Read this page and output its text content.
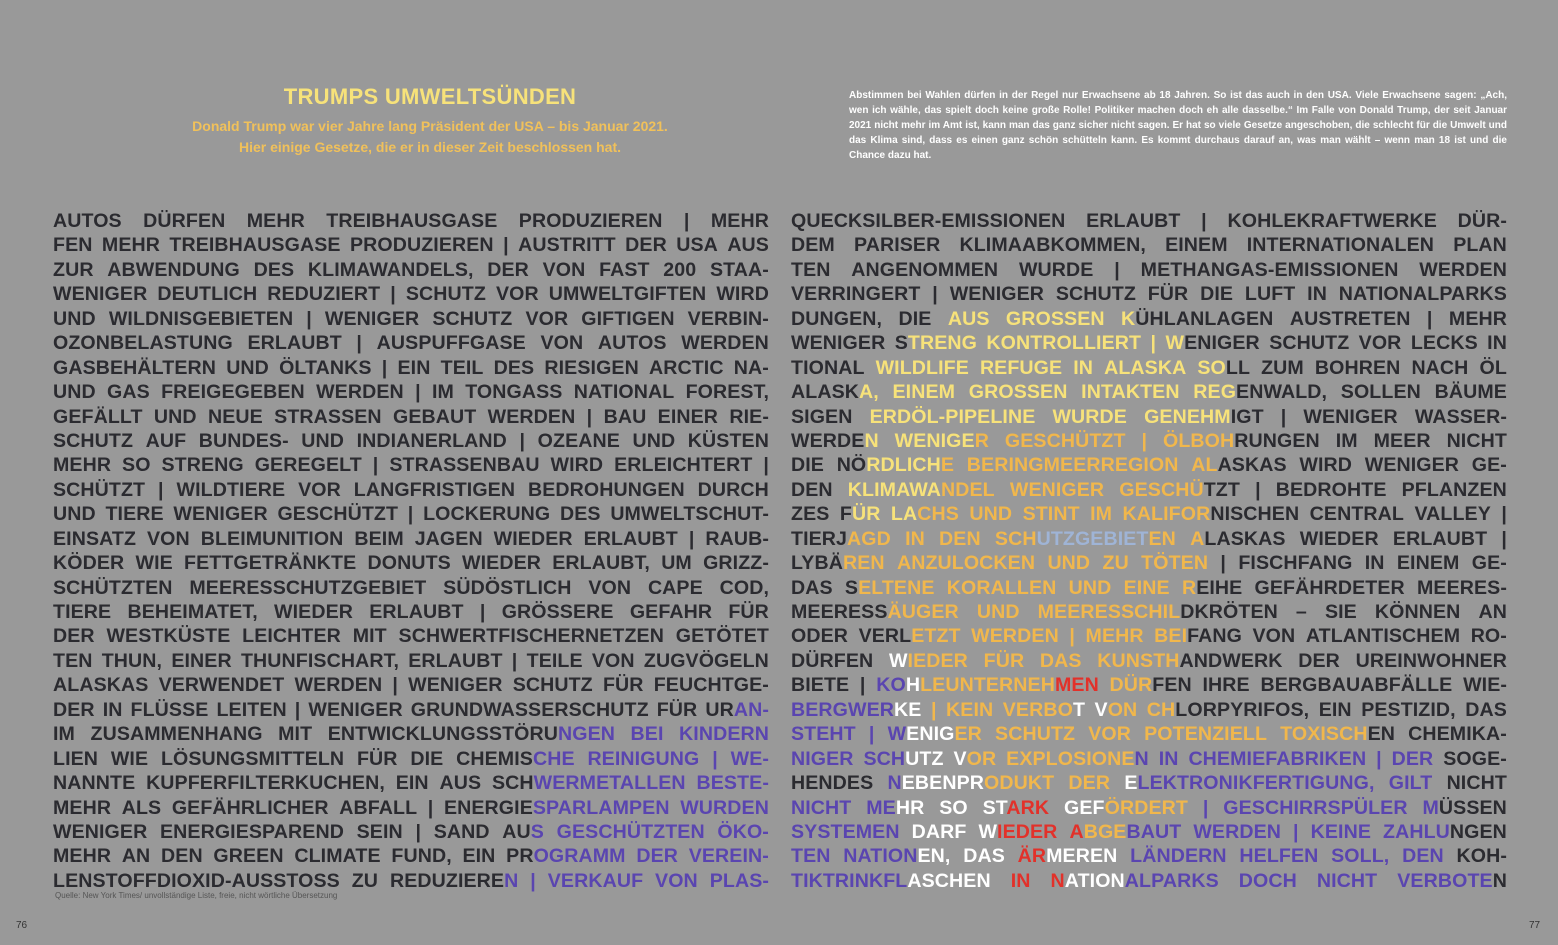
TRUMPS UMWELTSÜNDEN
Donald Trump war vier Jahre lang Präsident der USA – bis Januar 2021.
Hier einige Gesetze, die er in dieser Zeit beschlossen hat.
AUTOS DÜRFEN MEHR TREIBHAUSGASE PRODUZIEREN | MEHR
FEN MEHR TREIBHAUSGASE PRODUZIEREN | AUSTRITT DER USA AUS
ZUR ABWENDUNG DES KLIMAWANDELS, DER VON FAST 200 STAA-
WENIGER DEUTLICH REDUZIERT | SCHUTZ VOR UMWELTGIFTEN WIRD
UND WILDNISGEBIETEN | WENIGER SCHUTZ VOR GIFTIGEN VERBIN-
OZONBELASTUNG ERLAUBT | AUSPUFFGASE VON AUTOS WERDEN
GASBEHÄLTERN UND ÖLTANKS | EIN TEIL DES RIESIGEN ARCTIC NA-
UND GAS FREIGEGEBEN WERDEN | IM TONGASS NATIONAL FOREST,
GEFÄLLT UND NEUE STRASSEN GEBAUT WERDEN | BAU EINER RIE-
SCHUTZ AUF BUNDES- UND INDIANERLAND | OZEANE UND KÜSTEN
MEHR SO STRENG GEREGELT | STRASSENBAU WIRD ERLEICHTERT |
SCHÜTZT | WILDTIERE VOR LANGFRISTIGEN BEDROHUNGEN DURCH
UND TIERE WENIGER GESCHÜTZT | LOCKERUNG DES UMWELTSCHUT-
EINSATZ VON BLEIMUNITION BEIM JAGEN WIEDER ERLAUBT | RAUB-
KÖDER WIE FETTGETRÄNKTE DONUTS WIEDER ERLAUBT, UM GRIZZ-
SCHÜTZTEN MEERESSCHUTZGEBIET SÜDÖSTLICH VON CAPE COD,
TIERE BEHEIMATET, WIEDER ERLAUBT | GRÖSSERE GEFAHR FÜR
DER WESTKÜSTE LEICHTER MIT SCHWERTFISCHERNETZEN GETÖTET
TEN THUN, EINER THUNFISCHART, ERLAUBT | TEILE VON ZUGVÖGELN
ALASKAS VERWENDET WERDEN | WENIGER SCHUTZ FÜR FEUCHTGE-
DER IN FLÜSSE LEITEN | WENIGER GRUNDWASSERSCHUTZ FÜR URAN-
IM ZUSAMMENHANG MIT ENTWICKLUNGSSTÖRUNGEN BEI KINDERN
LIEN WIE LÖSUNGSMITTELN FÜR DIE CHEMISCHE REINIGUNG | WE-
NANNTE KUPFERFILTERKUCHEN, EIN AUS SCHWERMETALLEN BESTE-
MEHR ALS GEFÄHRLICHER ABFALL | ENERGIESPARLAMPEN WURDEN
WENIGER ENERGIESPAREND SEIN | SAND AUS GESCHÜTZTEN ÖKO-
MEHR AN DEN GREEN CLIMATE FUND, EIN PROGRAMM DER VEREIN-
LENSTOFFDIOXID-AUSSTOSS ZU REDUZIEREN | VERKAUF VON PLAS-

Quelle: New York Times/ unvollständige Liste, freie, nicht wörtliche Übersetzung

76

Abstimmen bei Wahlen dürfen in der Regel nur Erwachsene ab 18 Jahren. So ist das auch in den USA. Viele Erwachsene sagen: „Ach, wen ich wähle, das spielt doch keine große Rolle! Politiker machen doch eh alle dasselbe.“ Im Falle von Donald Trump, der seit Januar 2021 nicht mehr im Amt ist, kann man das ganz sicher nicht sagen. Er hat so viele Gesetze angeschoben, die schlecht für die Umwelt und das Klima sind, dass es einen ganz schön schütteln kann. Es kommt durchaus darauf an, was man wählt – wenn man 18 ist und die Chance dazu hat.

QUECKSILBER-EMISSIONEN ERLAUBT | KOHLEKRAFTWERKE DÜR-
DEM PARISER KLIMAABKOMMEN, EINEM INTERNATIONALEN PLAN
TEN ANGENOMMEN WURDE | METHANGAS-EMISSIONEN WERDEN
VERRINGERT | WENIGER SCHUTZ FÜR DIE LUFT IN NATIONALPARKS
DUNGEN, DIE AUS GROSSEN KÜHLANLAGEN AUSTRETEN | MEHR
WENIGER STRENG KONTROLLIERT | WENIGER SCHUTZ VOR LECKS IN
TIONAL WILDLIFE REFUGE IN ALASKA SOLL ZUM BOHREN NACH ÖL
ALASKA, EINEM GROSSEN INTAKTEN REGENWALD, SOLLEN BÄUME
SIGEN ERDÖL-PIPELINE WURDE GENEHMIGT | WENIGER WASSER-
WERDEN WENIGER GESCHÜTZT | ÖLBOHRUNGEN IM MEER NICHT
DIE NÖRDLICHE BERINGMEERREGION ALASKAS WIRD WENIGER GE-
DEN KLIMAWANDEL WENIGER GESCHÜTZT | BEDROHTE PFLANZEN
ZES FÜR LACHS UND STINT IM KALIFORNISCHEN CENTRAL VALLEY |
TIERJAGD IN DEN SCHUTZGEBIETEN ALASKAS WIEDER ERLAUBT |
LYBÄREN ANZULOCKEN UND ZU TÖTEN | FISCHFANG IN EINEM GE-
DAS SELTENE KORALLEN UND EINE REIHE GEFÄHRDETER MEERES-
MEERESSÄUGER UND MEERESSCHILDKRÖTEN – SIE KÖNNEN AN
ODER VERLETZT WERDEN | MEHR BEIFANG VON ATLANTISCHEM RO-
DÜRFEN WIEDER FÜR DAS KUNSTHANDWERK DER UREINWOHNER
BIETE | KOHLEUNTERNEHMEN DÜRFEN IHRE BERGBAUABFÄLLE WIE-
BERGWERKE | KEIN VERBOT VON CHLORPYRIFOS, EIN PESTIZID, DAS
STEHT | WENIGER SCHUTZ VOR POTENZIELL TOXISCHEN CHEMIKA-
NIGER SCHUTZ VOR EXPLOSIONEN IN CHEMIEFABRIKEN | DER SOGE-
HENDES NEBENPRODUKT DER ELEKTRONIKFERTIGUNG, GILT NICHT
NICHT MEHR SO STARK GEFÖRDERT | GESCHIRRSPÜLER MÜSSEN
SYSTEMEN DARF WIEDER ABGEBAUT WERDEN | KEINE ZAHLUNGEN
TEN NATIONEN, DAS ÄRMEREN LÄNDERN HELFEN SOLL, DEN KOH-
TIKTRINKFLASCHEN IN NATIONALPARKS DOCH NICHT VERBOTEN

77
